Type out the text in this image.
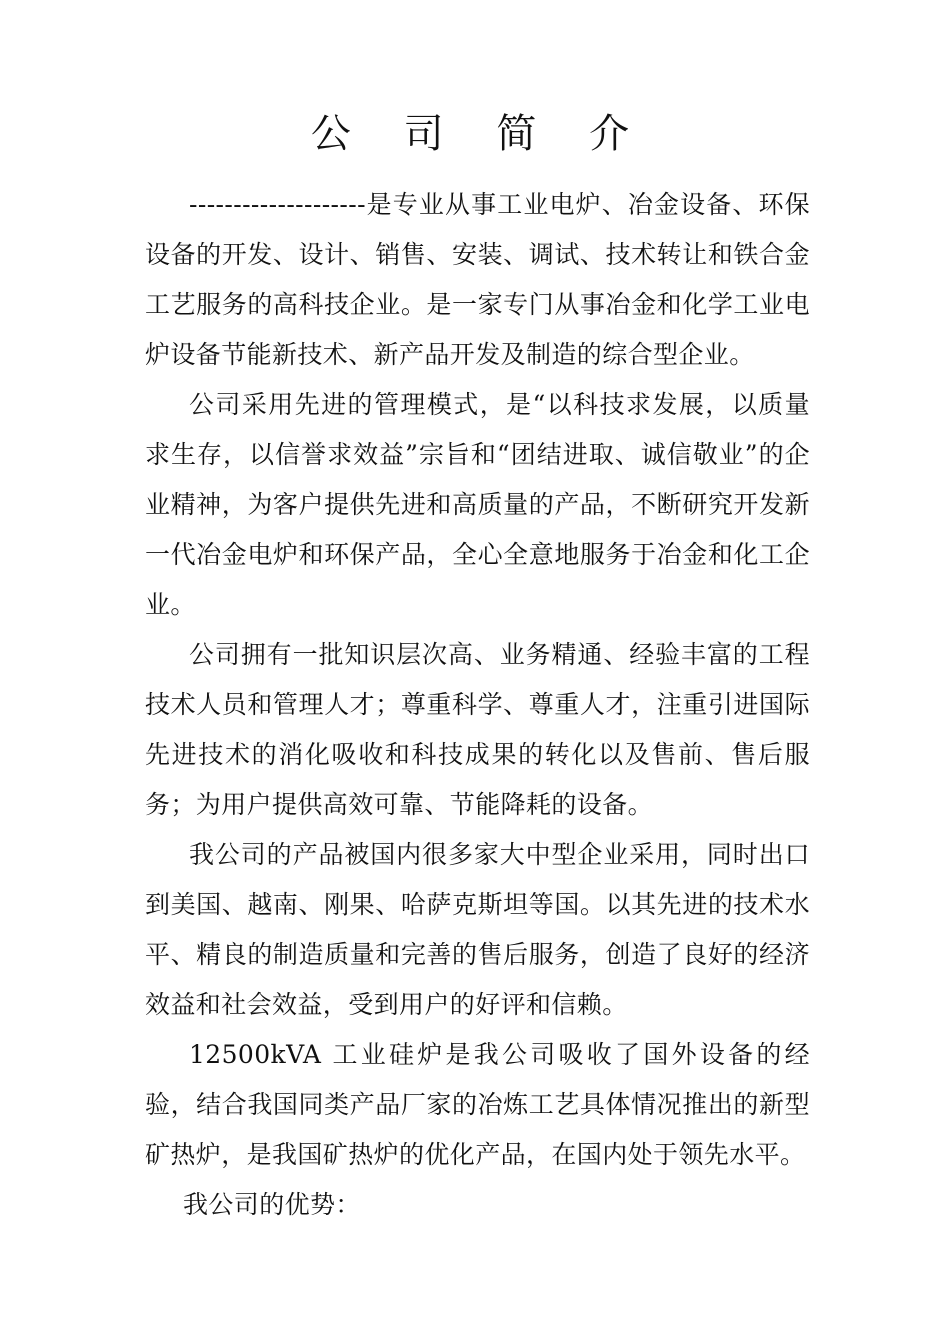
公 司 简 介

--------------------是专业从事工业电炉、冶金设备、环保设备的开发、设计、销售、安装、调试、技术转让和铁合金工艺服务的高科技企业。是一家专门从事冶金和化学工业电炉设备节能新技术、新产品开发及制造的综合型企业。

公司采用先进的管理模式，是“以科技求发展，以质量求生存，以信誉求效益”宗旨和“团结进取、诚信敬业”的企业精神，为客户提供先进和高质量的产品，不断研究开发新一代冶金电炉和环保产品，全心全意地服务于冶金和化工企业。

公司拥有一批知识层次高、业务精通、经验丰富的工程技术人员和管理人才；尊重科学、尊重人才，注重引进国际先进技术的消化吸收和科技成果的转化以及售前、售后服务；为用户提供高效可靠、节能降耗的设备。

我公司的产品被国内很多家大中型企业采用，同时出口到美国、越南、刚果、哈萨克斯坦等国。以其先进的技术水平、精良的制造质量和完善的售后服务，创造了良好的经济效益和社会效益，受到用户的好评和信赖。

12500kVA 工业硅炉是我公司吸收了国外设备的经验，结合我国同类产品厂家的冶炼工艺具体情况推出的新型矿热炉，是我国矿热炉的优化产品，在国内处于领先水平。

我公司的优势：
